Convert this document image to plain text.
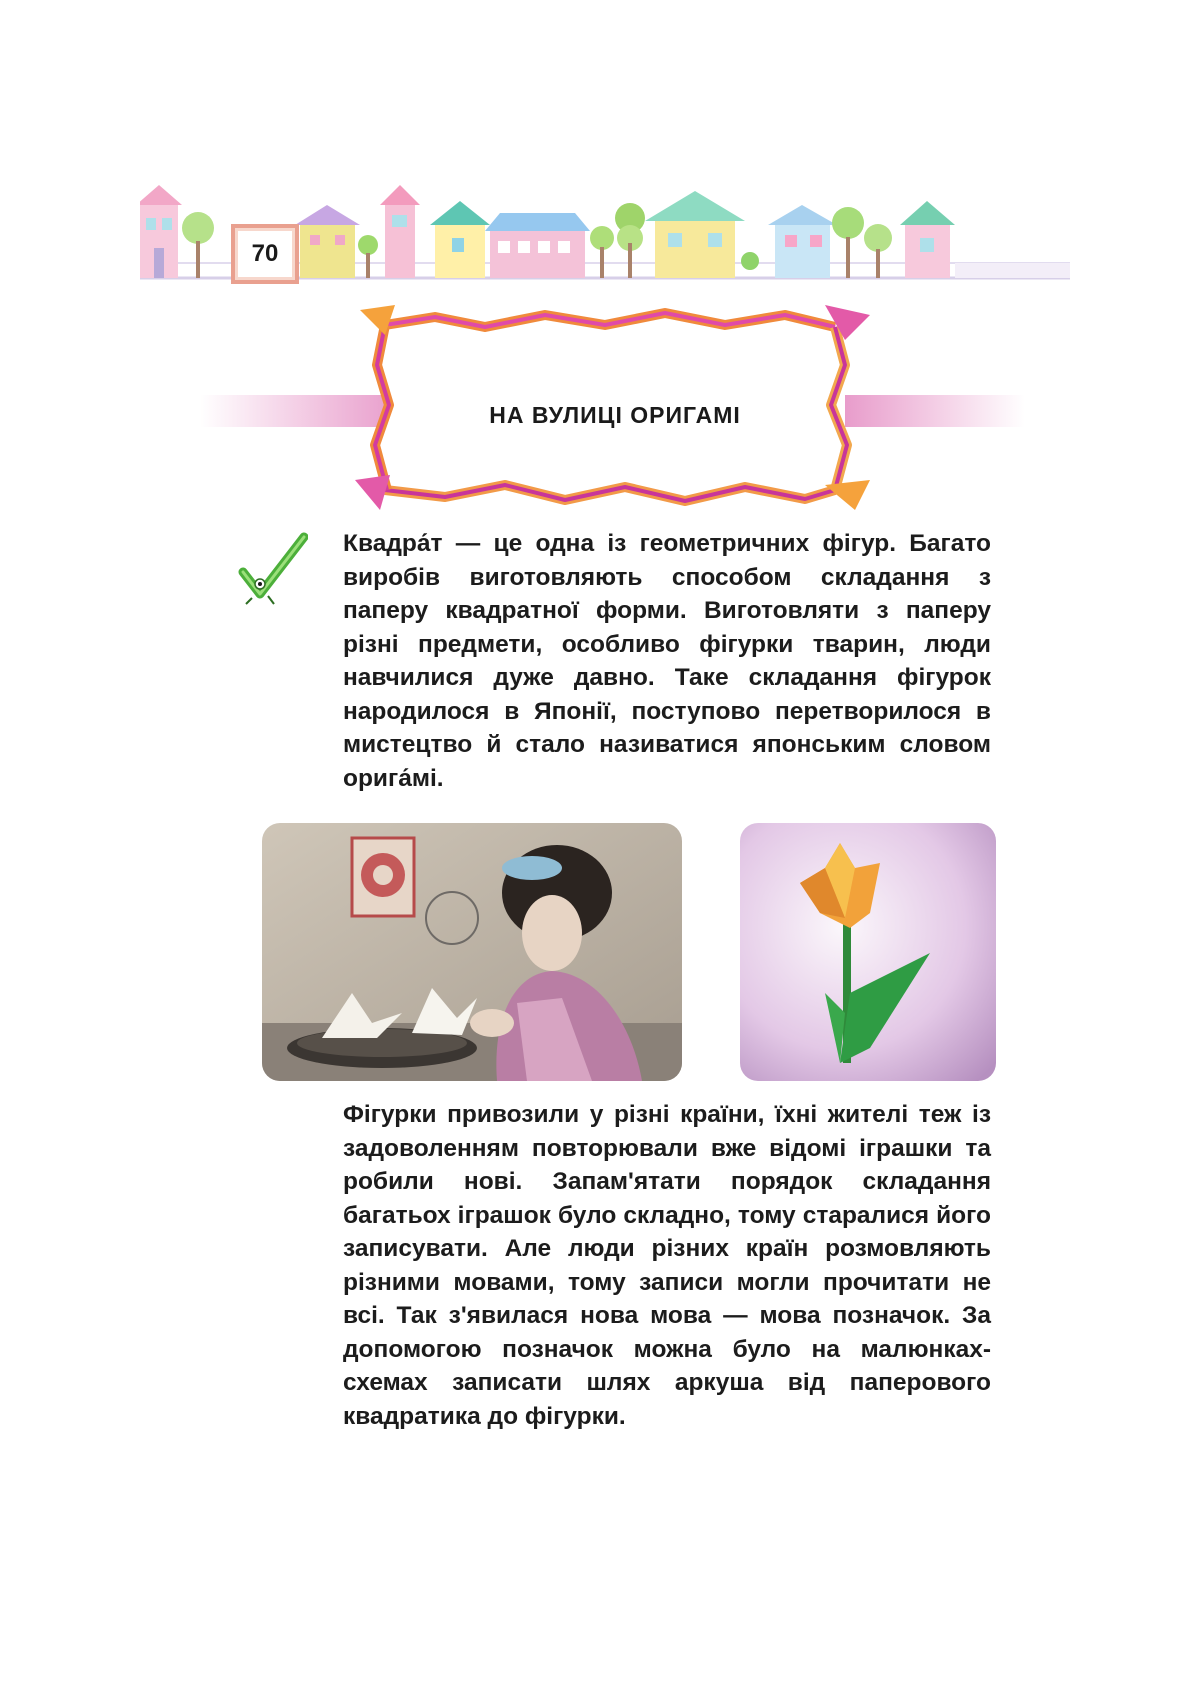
70
НА ВУЛИЦІ ОРИГАМІ
Квадра́т — це одна із геометричних фігур. Багато виробів виготовляють способом складання з паперу квадратної форми. Виготовляти з паперу різні предмети, особливо фігурки тварин, люди навчилися дуже давно. Таке складання фігурок народилося в Японії, поступово перетворилося в мистецтво й стало називатися японським словом орига́мі.
Фігурки привозили у різні країни, їхні жителі теж із задоволенням повторювали вже відомі іграшки та робили нові. Запам'ятати порядок складання багатьох іграшок було складно, тому старалися його записувати. Але люди різних країн розмовляють різними мовами, тому записи могли прочитати не всі. Так з'явилася нова мова — мова позначок. За допомогою позначок можна було на малюнках-схемах записати шлях аркуша від паперового квадратика до фігурки.
